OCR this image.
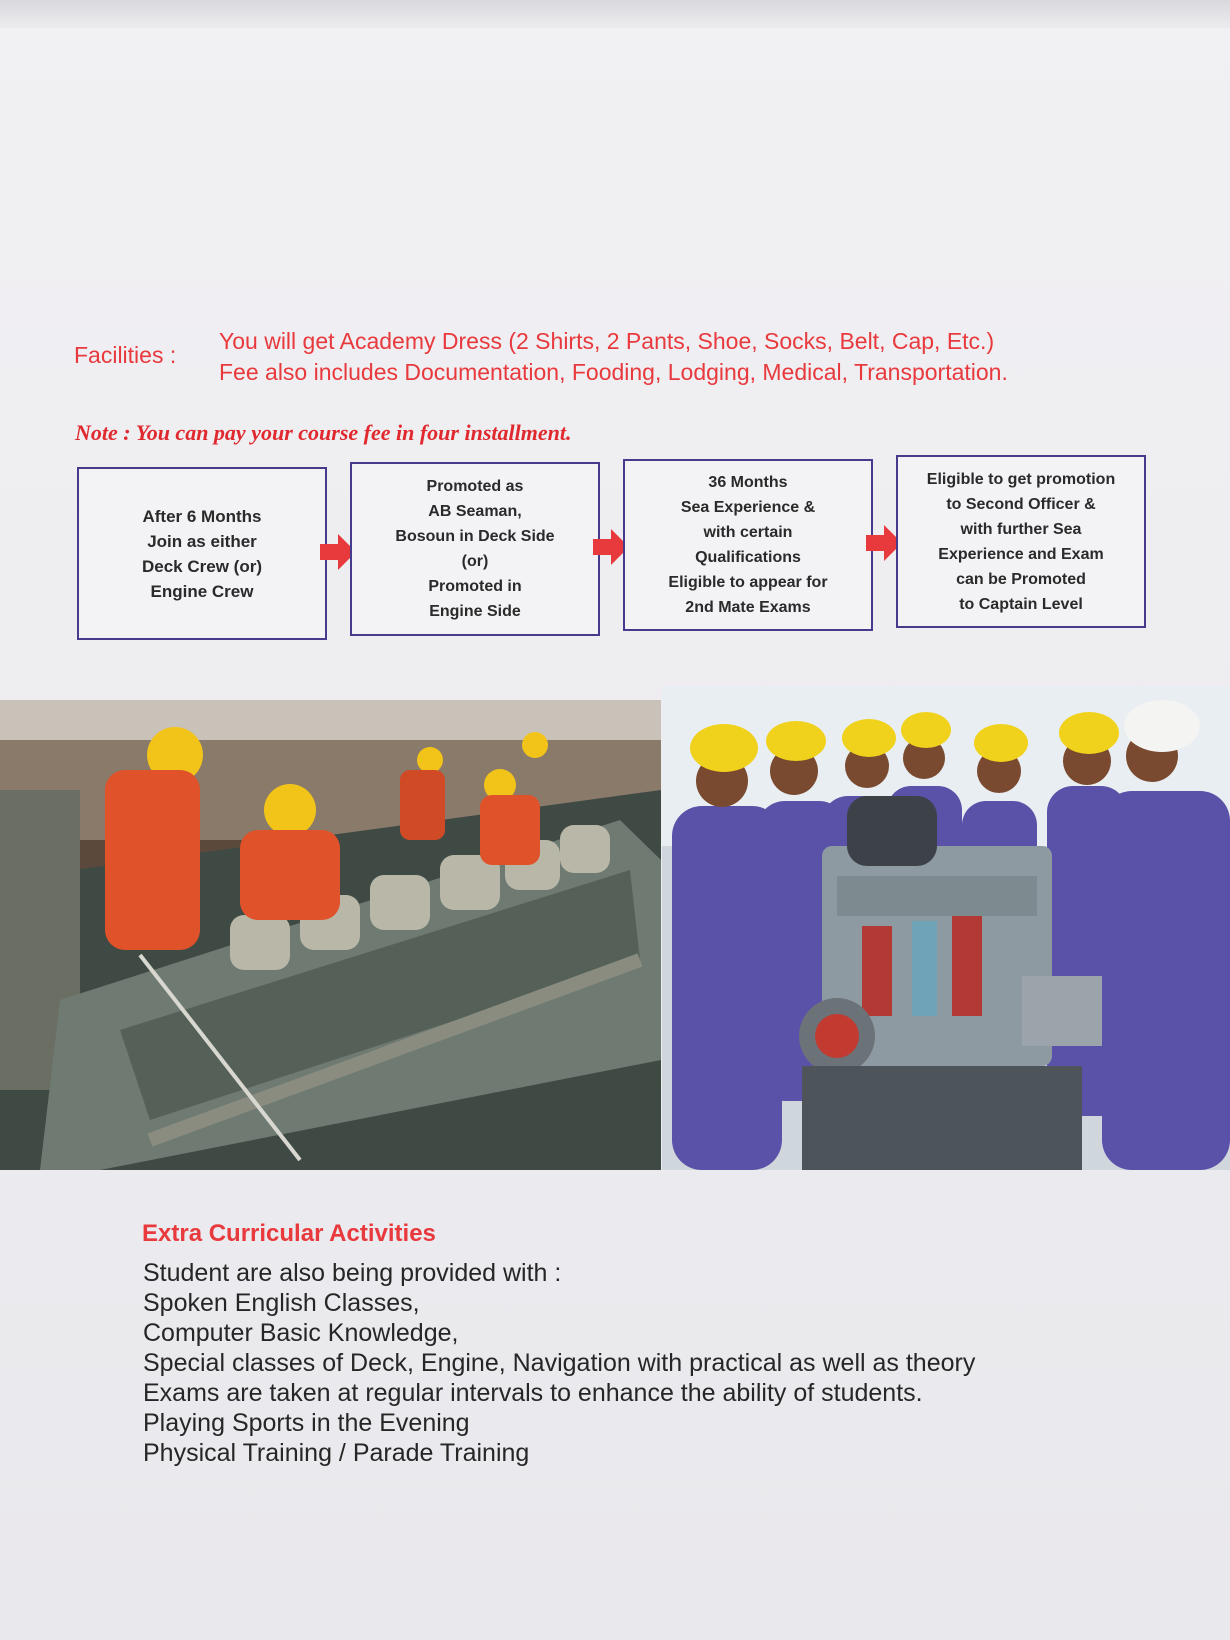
Facilities :
You will get Academy Dress (2 Shirts, 2 Pants, Shoe, Socks, Belt, Cap, Etc.)
Fee also includes Documentation, Fooding, Lodging, Medical, Transportation.
Note : You can pay your course fee in four installment.
After 6 Months
Join as either
Deck Crew (or)
Engine Crew
Promoted as
AB Seaman,
Bosoun in Deck Side
(or)
Promoted in
Engine Side
36 Months
Sea Experience &
with certain
Qualifications
Eligible to appear for
2nd Mate Exams
Eligible to get promotion
to Second Officer &
with further Sea
Experience and Exam
can be Promoted
to Captain Level
Extra Curricular Activities
Student are also being provided with :
Spoken English Classes,
Computer Basic Knowledge,
Special classes of Deck, Engine, Navigation with practical as well as theory
Exams are taken at regular intervals to enhance the ability of students.
Playing Sports in the Evening
Physical Training / Parade Training
